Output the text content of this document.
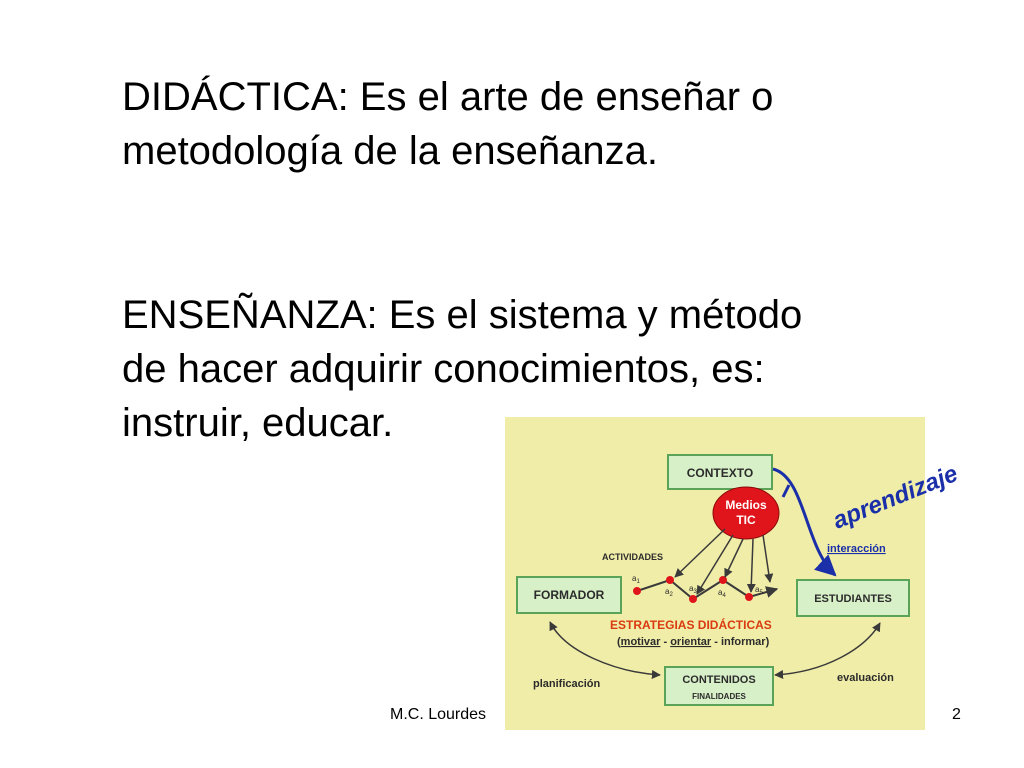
DIDÁCTICA: Es el arte de enseñar o
metodología de la enseñanza.
ENSEÑANZA: Es el sistema y método
de hacer adquirir conocimientos, es:
instruir, educar.
CONTEXTO
Medios
TIC	aprendizaje
interacción
ACTIVIDADES
FORMADOR	ESTUDIANTES
$a_1$
$a_2$
$a_3$	$a_4$
$a_5$
ESTRATEGIAS DIDÁCTICAS
(motivar - orientar - informar)
CONTENIDOS
FINALIDADES
planificación	evaluación
M.C. Lourdes	2
